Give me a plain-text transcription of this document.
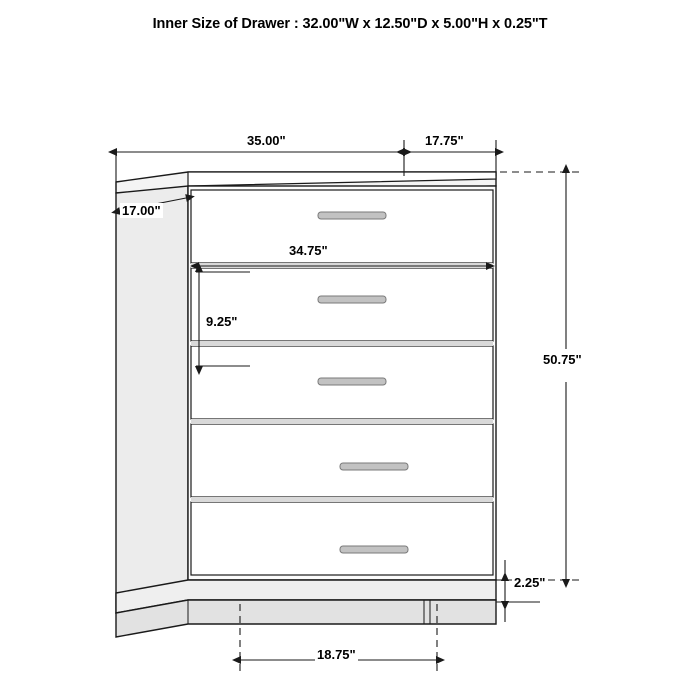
Inner Size of Drawer : 32.00"W x 12.50"D x 5.00"H x 0.25"T
35.00"	17.75"
17.00"
34.75"
9.25"
50.75"
2.25"
18.75"
